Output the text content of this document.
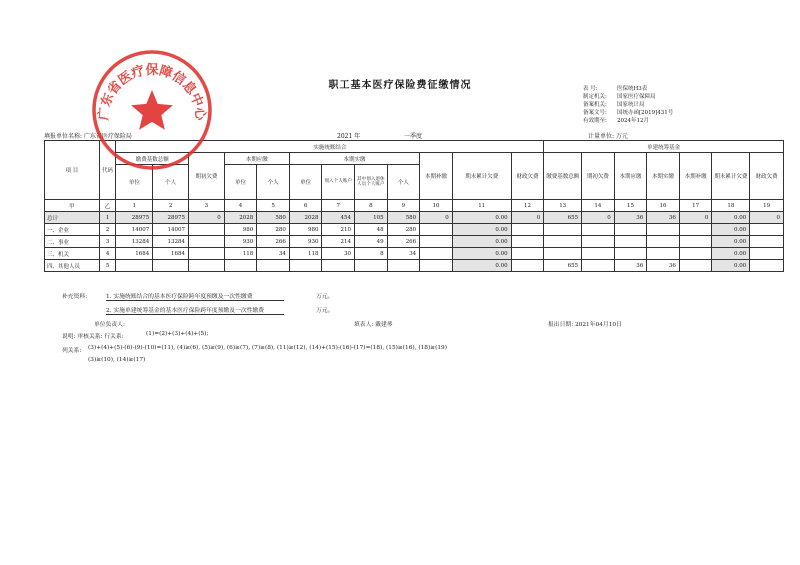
职工基本医疗保险费征缴情况	表 号:	医保统H3表
制定机关: 国家医疗保障局
备案机关: 国家统计局
备案文号: 国统办函[2019]431号
有效期至: 2024年12月
填报单位名称: 广东省医疗保险局	2021 年	一季度	计量单位: 万元
项 目	代码	实施统账结合												单建统筹基金						
		缴费基数总额		期初欠费	本期应缴		本期实缴				本期补缴	期末累计欠费	财政欠费	缴费基数总额	期初欠费	本期应缴	本期实缴	本期补缴	期末累计欠费	财政欠费
		单位	个人		单位	个人	单位	划入个人账户	其中划入退休人员个人账户	个人										
甲	乙	1	2	3	4	5	6	7	8	9	10	11	12	13	14	15	16	17	18	19
总计	1	28975	28975	0	2028	580	2028	454	105	580	0	0.00	0	655	0	36	36	0	0.00	0
一、企业	2	14007	14007		980	280	980	210	48	280		0.00							0.00	
二、事业	3	13284	13284		930	266	930	214	49	266		0.00							0.00	
三、机关	4	1684	1684		118	34	118	30	8	34		0.00							0.00	
四、其他人员	5											0.00		655		36	36		0.00	
补充资料:	1. 实施统账结合的基本医疗保险跨年度预缴及一次性缴费	万元。
2. 实施单建统筹基金的基本医疗保险跨年度预缴及一次性缴费	万元。
单位负责人:	填表人: 戴建琴	报出日期: 2021年04月10日
说明: 审核关系: 行关系:	(1)=(2)+(3)+(4)+(5);
列关系: (3)+(4)+(5)-(6)-(9)-(10)=(11), (4)≥(6), (5)≥(9), (6)≥(7), (7)≥(8), (11)≥(12), (14)+(15)-(16)-(17)=(18), (15)≥(16), (18)≥(19)
(3)≥(10), (14)≥(17)
广东省医疗保障信息中心
